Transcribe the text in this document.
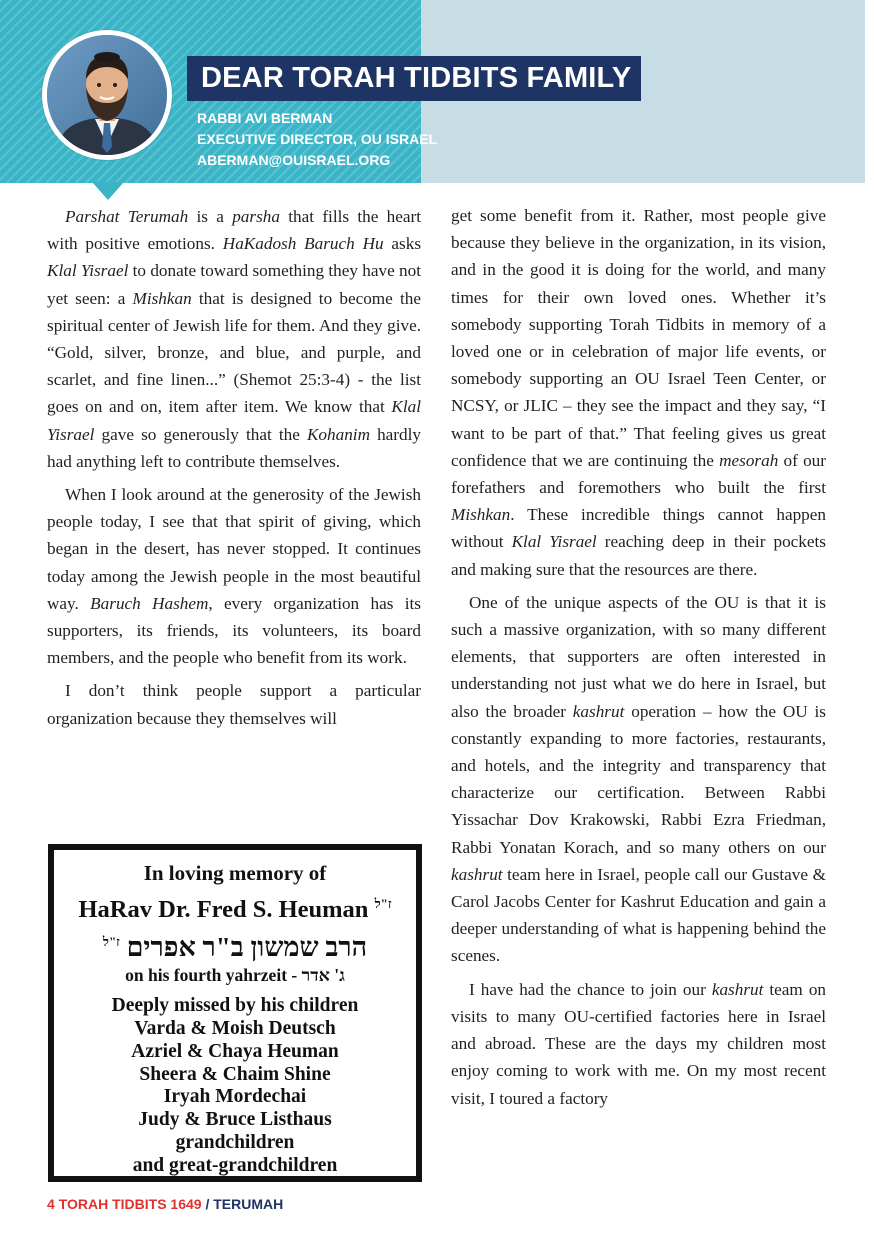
DEAR TORAH TIDBITS FAMILY
RABBI AVI BERMAN
EXECUTIVE DIRECTOR, OU ISRAEL
ABERMAN@OUISRAEL.ORG

Parshat Terumah is a parsha that fills the heart with positive emotions. HaKadosh Baruch Hu asks Klal Yisrael to donate toward something they have not yet seen: a Mishkan that is designed to become the spiritual center of Jewish life for them. And they give. “Gold, silver, bronze, and blue, and purple, and scarlet, and fine linen...” (Shemot 25:3-4) - the list goes on and on, item after item. We know that Klal Yisrael gave so generously that the Kohanim hardly had anything left to contribute themselves.

When I look around at the generosity of the Jewish people today, I see that that spirit of giving, which began in the desert, has never stopped. It continues today among the Jewish people in the most beautiful way. Baruch Hashem, every organization has its supporters, its friends, its volunteers, its board members, and the people who benefit from its work.

I don’t think people support a particular organization because they themselves will

get some benefit from it. Rather, most people give because they believe in the organization, in its vision, and in the good it is doing for the world, and many times for their own loved ones. Whether it’s somebody supporting Torah Tidbits in memory of a loved one or in celebration of major life events, or somebody supporting an OU Israel Teen Center, or NCSY, or JLIC – they see the impact and they say, “I want to be part of that.” That feeling gives us great confidence that we are continuing the mesorah of our forefathers and foremothers who built the first Mishkan. These incredible things cannot happen without Klal Yisrael reaching deep in their pockets and making sure that the resources are there.

One of the unique aspects of the OU is that it is such a massive organization, with so many different elements, that supporters are often interested in understanding not just what we do here in Israel, but also the broader kashrut operation – how the OU is constantly expanding to more factories, restaurants, and hotels, and the integrity and transparency that characterize our certification. Between Rabbi Yissachar Dov Krakowski, Rabbi Ezra Friedman, Rabbi Yonatan Korach, and so many others on our kashrut team here in Israel, people call our Gustave & Carol Jacobs Center for Kashrut Education and gain a deeper understanding of what is happening behind the scenes.

I have had the chance to join our kashrut team on visits to many OU-certified factories here in Israel and abroad. These are the days my children most enjoy coming to work with me. On my most recent visit, I toured a factory

In loving memory of
HaRav Dr. Fred S. Heuman $^{ז"ל}$
הרב שמשון ב"ר אפרים $^{ז"ל}$
on his fourth yahrzeit - ג' אדר
Deeply missed by his children
Varda & Moish Deutsch
Azriel & Chaya Heuman
Sheera & Chaim Shine
Iryah Mordechai
Judy & Bruce Listhaus
grandchildren
and great-grandchildren
4 TORAH TIDBITS 1649 / TERUMAH
